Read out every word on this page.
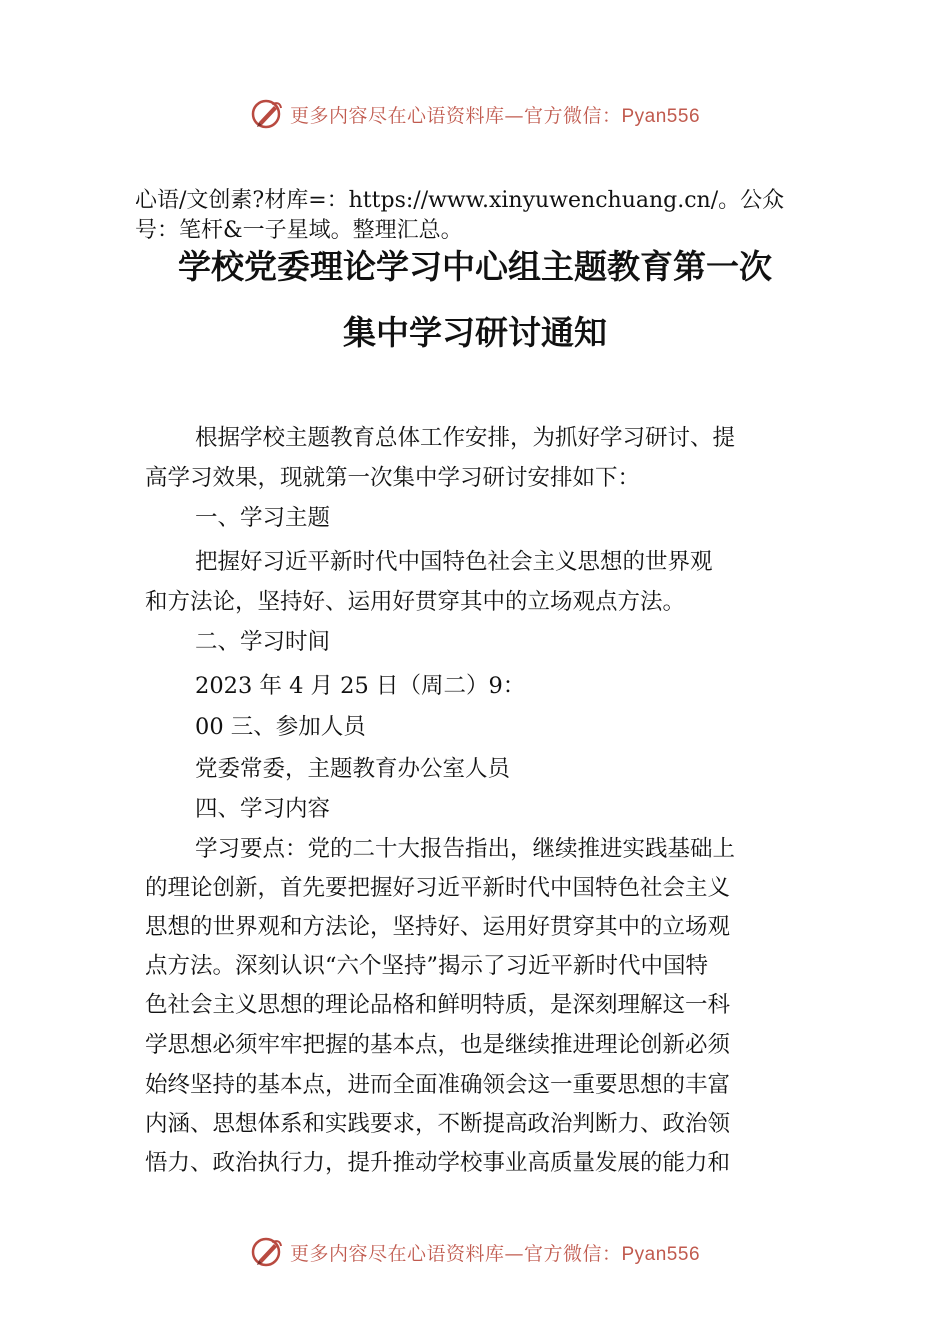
更多内容尽在心语资料库—官方微信：Pyan556
心语/文创素?材库=：https://www.xinyuwenchuang.cn/。公众号：笔杆&一子星域。整理汇总。
学校党委理论学习中心组主题教育第一次
集中学习研讨通知
根据学校主题教育总体工作安排，为抓好学习研讨、提
高学习效果，现就第一次集中学习研讨安排如下：
一、学习主题
把握好习近平新时代中国特色社会主义思想的世界观
和方法论，坚持好、运用好贯穿其中的立场观点方法。
二、学习时间
2023 年 4 月 25 日（周二）9：
00 三、参加人员
党委常委，主题教育办公室人员
四、学习内容
学习要点：党的二十大报告指出，继续推进实践基础上
的理论创新，首先要把握好习近平新时代中国特色社会主义
思想的世界观和方法论，坚持好、运用好贯穿其中的立场观
点方法。深刻认识“六个坚持”揭示了习近平新时代中国特
色社会主义思想的理论品格和鲜明特质，是深刻理解这一科
学思想必须牢牢把握的基本点，也是继续推进理论创新必须
始终坚持的基本点，进而全面准确领会这一重要思想的丰富
内涵、思想体系和实践要求，不断提高政治判断力、政治领
悟力、政治执行力，提升推动学校事业高质量发展的能力和
更多内容尽在心语资料库—官方微信：Pyan556
